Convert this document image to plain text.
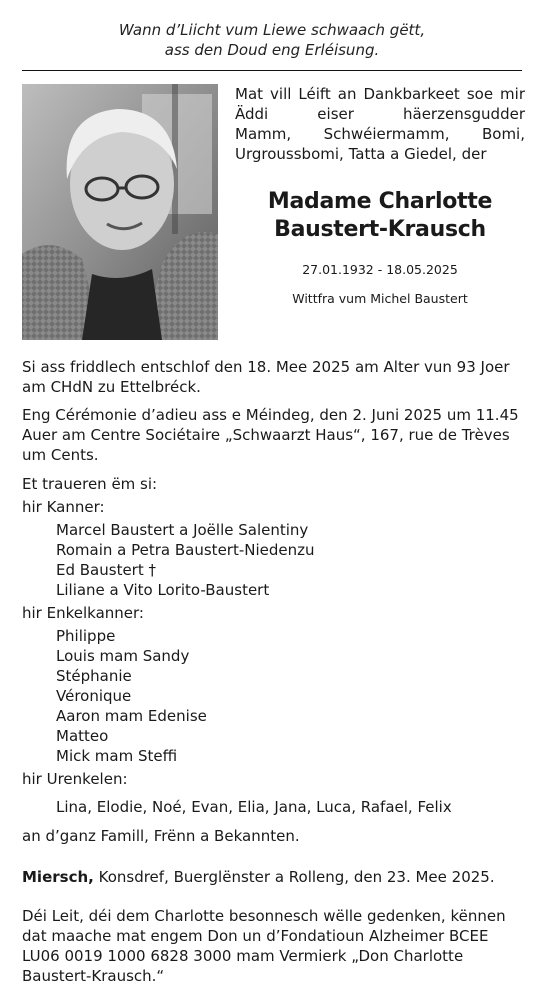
Wann d’Liicht vum Liewe schwaach gëtt,
ass den Doud eng Erléisung.
Mat vill Léift an Dankbarkeet soe mir
Äddi eiser häerzensgudder
Mamm, Schwéiermamm, Bomi,
Urgroussbomi, Tatta a Giedel, der
Madame Charlotte
Baustert-Krausch
27.01.1932 - 18.05.2025
Wittfra vum Michel Baustert
Si ass friddlech entschlof den 18. Mee 2025 am Alter vun 93 Joer
am CHdN zu Ettelbréck.
Eng Cérémonie d’adieu ass e Méindeg, den 2. Juni 2025 um 11.45
Auer am Centre Sociétaire „Schwaarzt Haus“, 167, rue de Trèves
um Cents.
Et traueren ëm si:
hir Kanner:
Marcel Baustert a Joëlle Salentiny
Romain a Petra Baustert-Niedenzu
Ed Baustert †
Liliane a Vito Lorito-Baustert
hir Enkelkanner:
Philippe
Louis mam Sandy
Stéphanie
Véronique
Aaron mam Edenise
Matteo
Mick mam Steffi
hir Urenkelen:
Lina, Elodie, Noé, Evan, Elia, Jana, Luca, Rafael, Felix
an d’ganz Famill, Frënn a Bekannten.
Miersch, Konsdref, Buerglënster a Rolleng, den 23. Mee 2025.
Déi Leit, déi dem Charlotte besonnesch wëlle gedenken, kënnen
dat maache mat engem Don un d’Fondatioun Alzheimer BCEE
LU06 0019 1000 6828 3000 mam Vermierk „Don Charlotte
Baustert-Krausch.“
